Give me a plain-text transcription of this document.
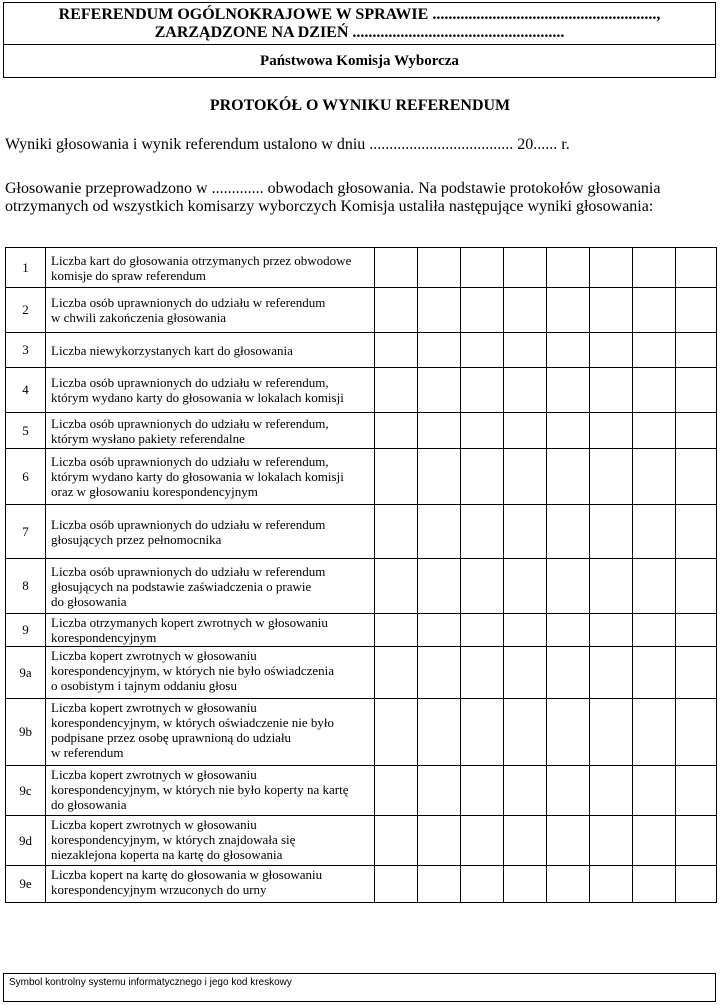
REFERENDUM OGÓLNOKRAJOWE W SPRAWIE ........................................................,
ZARZĄDZONE NA DZIEŃ .....................................................
Państwowa Komisja Wyborcza
PROTOKÓŁ O WYNIKU REFERENDUM
Wyniki głosowania i wynik referendum ustalono w dniu .................................... 20...... r.
Głosowanie przeprowadzono w ............. obwodach głosowania. Na podstawie protokołów głosowania otrzymanych od wszystkich komisarzy wyborczych Komisja ustaliła następujące wyniki głosowania:
1	Liczba kart do głosowania otrzymanych przez obwodowe
komisje do spraw referendum								
2	Liczba osób uprawnionych do udziału w referendum
w chwili zakończenia głosowania								
3	Liczba niewykorzystanych kart do głosowania								
4	Liczba osób uprawnionych do udziału w referendum,
którym wydano karty do głosowania w lokalach komisji								
5	Liczba osób uprawnionych do udziału w referendum,
którym wysłano pakiety referendalne								
6	Liczba osób uprawnionych do udziału w referendum,
którym wydano karty do głosowania w lokalach komisji
oraz w głosowaniu korespondencyjnym								
7	Liczba osób uprawnionych do udziału w referendum
głosujących przez pełnomocnika								
8	Liczba osób uprawnionych do udziału w referendum
głosujących na podstawie zaświadczenia o prawie
do głosowania								
9	Liczba otrzymanych kopert zwrotnych w głosowaniu
korespondencyjnym								
9a	Liczba kopert zwrotnych w głosowaniu
korespondencyjnym, w których nie było oświadczenia
o osobistym i tajnym oddaniu głosu								
9b	Liczba kopert zwrotnych w głosowaniu
korespondencyjnym, w których oświadczenie nie było
podpisane przez osobę uprawnioną do udziału
w referendum								
9c	Liczba kopert zwrotnych w głosowaniu
korespondencyjnym, w których nie było koperty na kartę
do głosowania								
9d	Liczba kopert zwrotnych w głosowaniu
korespondencyjnym, w których znajdowała się
niezaklejona koperta na kartę do głosowania								
9e	Liczba kopert na kartę do głosowania w głosowaniu
korespondencyjnym wrzuconych do urny								
Symbol kontrolny systemu informatycznego i jego kod kreskowy
